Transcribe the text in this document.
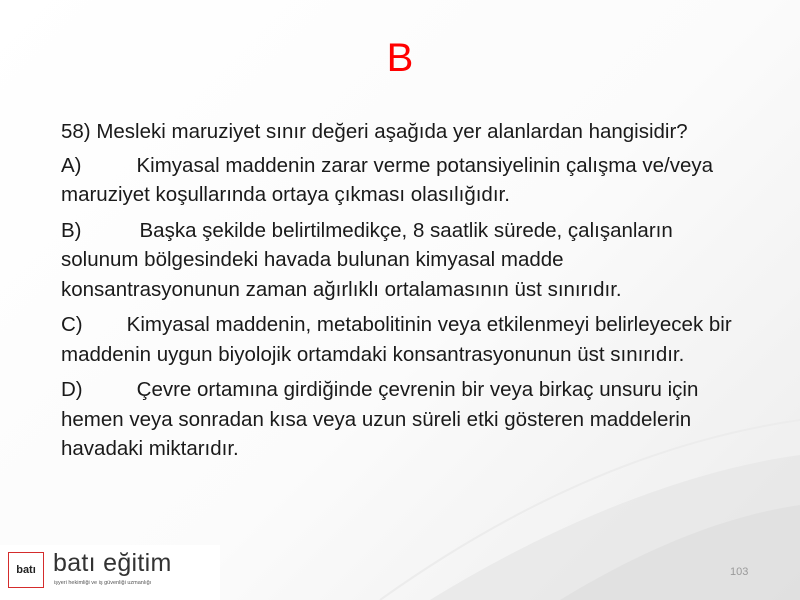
B

58) Mesleki maruziyet sınır değeri aşağıda yer alanlardan hangisidir?

A)	Kimyasal maddenin zarar verme potansiyelinin çalışma ve/veya maruziyet koşullarında ortaya çıkması olasılığıdır.

B)	Başka şekilde belirtilmedikçe, 8 saatlik sürede, çalışanların solunum bölgesindeki havada bulunan kimyasal madde konsantrasyonunun zaman ağırlıklı ortalamasının üst sınırıdır.

C) Kimyasal maddenin, metabolitinin veya etkilenmeyi belirleyecek bir maddenin uygun biyolojik ortamdaki konsantrasyonunun üst sınırıdır.

D)	Çevre ortamına girdiğinde çevrenin bir veya birkaç unsuru için hemen veya sonradan kısa veya uzun süreli etki gösteren maddelerin havadaki miktarıdır.

batı batı eğitim
işyeri hekimliği ve iş güvenliği uzmanlığı
103
